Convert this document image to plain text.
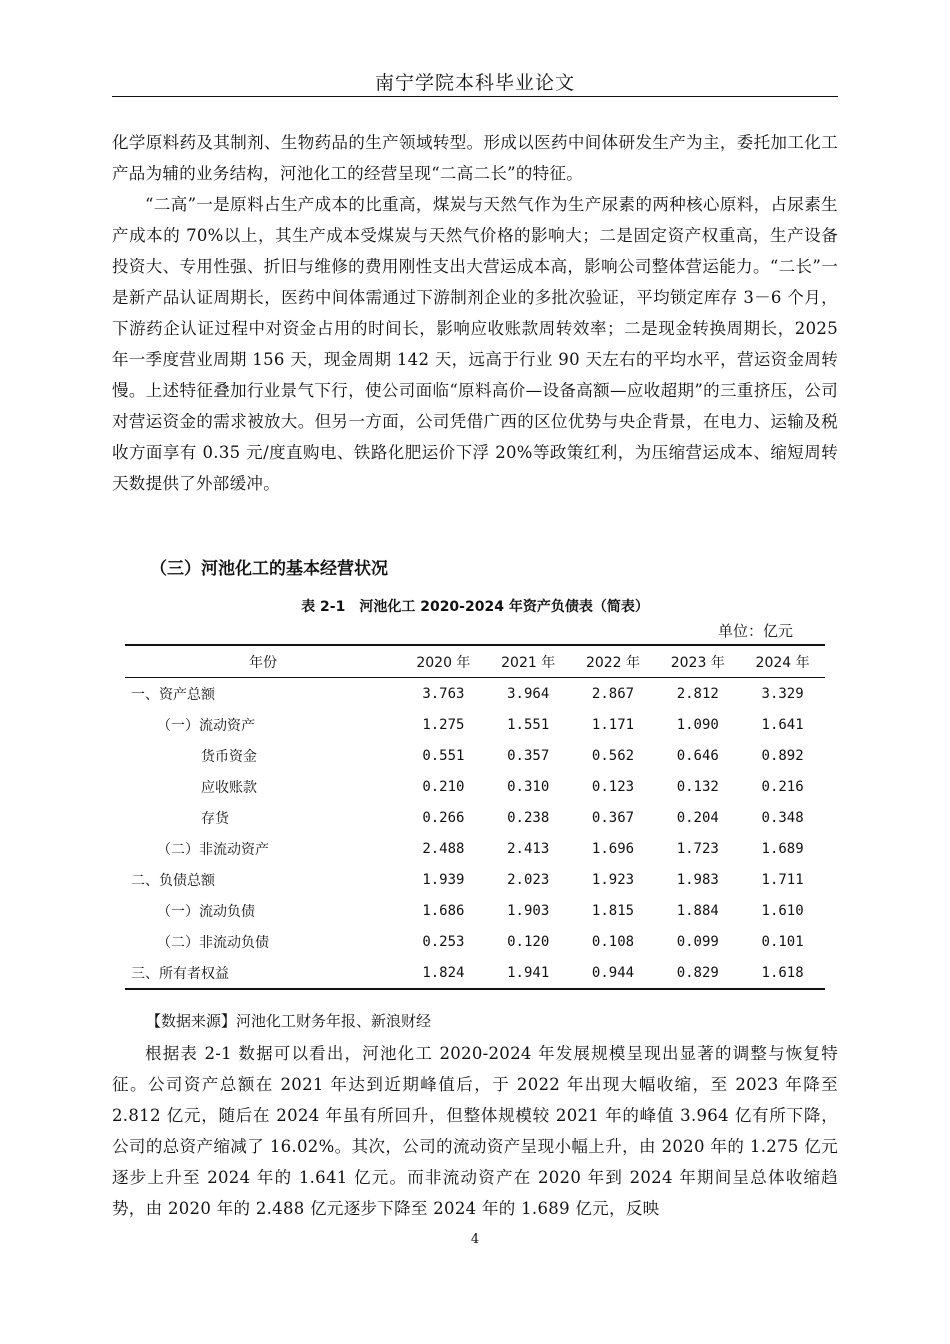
南宁学院本科毕业论文

化学原料药及其制剂、生物药品的生产领域转型。形成以医药中间体研发生产为主，委托加工化工产品为辅的业务结构，河池化工的经营呈现“二高二长”的特征。

“二高”一是原料占生产成本的比重高，煤炭与天然气作为生产尿素的两种核心原料，占尿素生产成本的 70%以上，其生产成本受煤炭与天然气价格的影响大；二是固定资产权重高，生产设备投资大、专用性强、折旧与维修的费用刚性支出大营运成本高，影响公司整体营运能力。“二长”一是新产品认证周期长，医药中间体需通过下游制剂企业的多批次验证，平均锁定库存 3－6 个月，下游药企认证过程中对资金占用的时间长，影响应收账款周转效率；二是现金转换周期长，2025 年一季度营业周期 156 天，现金周期 142 天，远高于行业 90 天左右的平均水平，营运资金周转慢。上述特征叠加行业景气下行，使公司面临“原料高价—设备高额—应收超期”的三重挤压，公司对营运资金的需求被放大。但另一方面，公司凭借广西的区位优势与央企背景，在电力、运输及税收方面享有 0.35 元/度直购电、铁路化肥运价下浮 20%等政策红利，为压缩营运成本、缩短周转天数提供了外部缓冲。

（三）河池化工的基本经营状况
表 2-1　河池化工 2020-2024 年资产负债表（简表）
单位：亿元
年份	2020 年	2021 年	2022 年	2023 年	2024 年
一、资产总额	3.763	3.964	2.867	2.812	3.329
（一）流动资产	1.275	1.551	1.171	1.090	1.641
货币资金	0.551	0.357	0.562	0.646	0.892
应收账款	0.210	0.310	0.123	0.132	0.216
存货	0.266	0.238	0.367	0.204	0.348
（二）非流动资产	2.488	2.413	1.696	1.723	1.689
二、负债总额	1.939	2.023	1.923	1.983	1.711
（一）流动负债	1.686	1.903	1.815	1.884	1.610
（二）非流动负债	0.253	0.120	0.108	0.099	0.101
三、所有者权益	1.824	1.941	0.944	0.829	1.618
【数据来源】河池化工财务年报、新浪财经

根据表 2-1 数据可以看出，河池化工 2020-2024 年发展规模呈现出显著的调整与恢复特征。公司资产总额在 2021 年达到近期峰值后，于 2022 年出现大幅收缩，至 2023 年降至 2.812 亿元，随后在 2024 年虽有所回升，但整体规模较 2021 年的峰值 3.964 亿有所下降，公司的总资产缩减了 16.02%。其次，公司的流动资产呈现小幅上升，由 2020 年的 1.275 亿元逐步上升至 2024 年的 1.641 亿元。而非流动资产在 2020 年到 2024 年期间呈总体收缩趋势，由 2020 年的 2.488 亿元逐步下降至 2024 年的 1.689 亿元，反映

4
